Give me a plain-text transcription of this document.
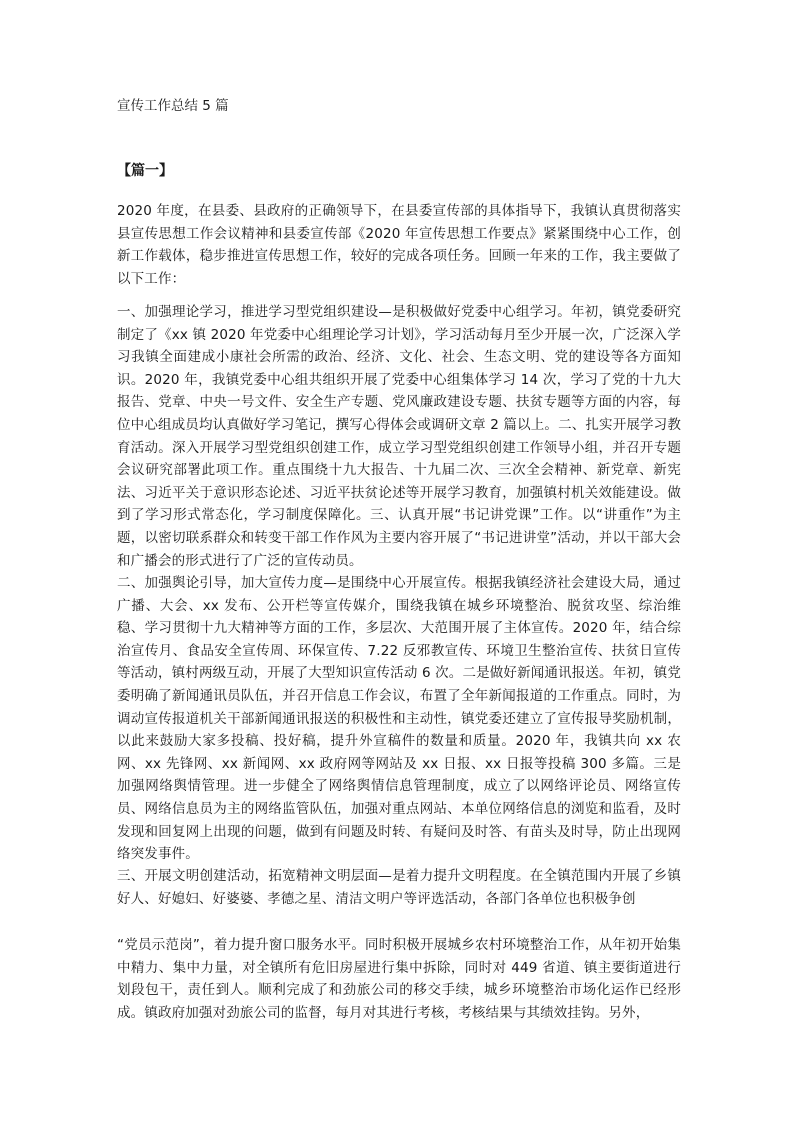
宣传工作总结 5 篇
【篇一】

2020 年度，在县委、县政府的正确领导下，在县委宣传部的具体指导下，我镇认真贯彻落实县宣传思想工作会议精神和县委宣传部《2020 年宣传思想工作要点》紧紧围绕中心工作，创新工作载体，稳步推进宣传思想工作，较好的完成各项任务。回顾一年来的工作，我主要做了以下工作：

一、加强理论学习，推进学习型党组织建设—是积极做好党委中心组学习。年初，镇党委研究制定了《xx 镇 2020 年党委中心组理论学习计划》，学习活动每月至少开展一次，广泛深入学习我镇全面建成小康社会所需的政治、经济、文化、社会、生态文明、党的建设等各方面知识。2020 年，我镇党委中心组共组织开展了党委中心组集体学习 14 次，学习了党的十九大报告、党章、中央一号文件、安全生产专题、党风廉政建设专题、扶贫专题等方面的内容，每位中心组成员均认真做好学习笔记，撰写心得体会或调研文章 2 篇以上。二、扎实开展学习教育活动。深入开展学习型党组织创建工作，成立学习型党组织创建工作领导小组，并召开专题会议研究部署此项工作。重点围绕十九大报告、十九届二次、三次全会精神、新党章、新宪法、习近平关于意识形态论述、习近平扶贫论述等开展学习教育，加强镇村机关效能建设。做到了学习形式常态化，学习制度保障化。三、认真开展“书记讲党课”工作。以“讲重作”为主题，以密切联系群众和转变干部工作作风为主要内容开展了“书记进讲堂”活动，并以干部大会和广播会的形式进行了广泛的宣传动员。

二、加强舆论引导，加大宣传力度—是围绕中心开展宣传。根据我镇经济社会建设大局，通过广播、大会、xx 发布、公开栏等宣传媒介，围绕我镇在城乡环境整治、脱贫攻坚、综治维稳、学习贯彻十九大精神等方面的工作，多层次、大范围开展了主体宣传。2020 年，结合综治宣传月、食品安全宣传周、环保宣传、7.22 反邪教宣传、环境卫生整治宣传、扶贫日宣传等活动，镇村两级互动，开展了大型知识宣传活动 6 次。二是做好新闻通讯报送。年初，镇党委明确了新闻通讯员队伍，并召开信息工作会议，布置了全年新闻报道的工作重点。同时，为调动宣传报道机关干部新闻通讯报送的积极性和主动性，镇党委还建立了宣传报导奖励机制，以此来鼓励大家多投稿、投好稿，提升外宣稿件的数量和质量。2020 年，我镇共向 xx 农网、xx 先锋网、xx 新闻网、xx 政府网等网站及 xx 日报、xx 日报等投稿 300 多篇。三是加强网络舆情管理。进一步健全了网络舆情信息管理制度，成立了以网络评论员、网络宣传员、网络信息员为主的网络监管队伍，加强对重点网站、本单位网络信息的浏览和监看，及时发现和回复网上出现的问题，做到有问题及时转、有疑问及时答、有苗头及时导，防止出现网络突发事件。

三、开展文明创建活动，拓宽精神文明层面—是着力提升文明程度。在全镇范围内开展了乡镇好人、好媳妇、好婆婆、孝德之星、清洁文明户等评选活动，各部门各单位也积极争创

“党员示范岗”，着力提升窗口服务水平。同时积极开展城乡农村环境整治工作，从年初开始集中精力、集中力量，对全镇所有危旧房屋进行集中拆除，同时对 449 省道、镇主要街道进行划段包干，责任到人。顺利完成了和劲旅公司的移交手续，城乡环境整治市场化运作已经形成。镇政府加强对劲旅公司的监督，每月对其进行考核，考核结果与其绩效挂钩。另外，
